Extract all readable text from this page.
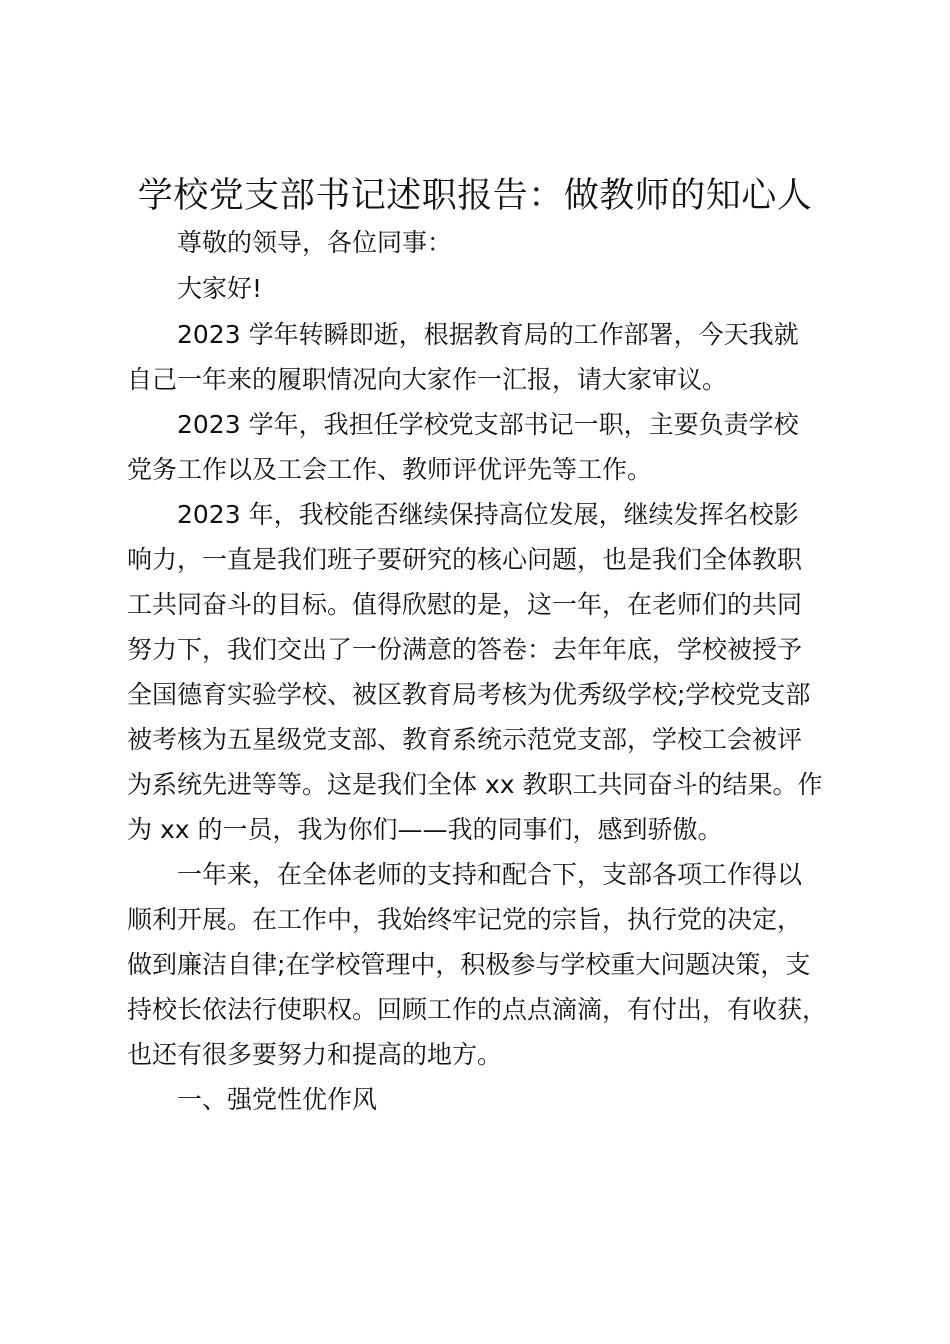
学校党支部书记述职报告：做教师的知心人

　　尊敬的领导，各位同事：

　　大家好!

　　2023 学年转瞬即逝，根据教育局的工作部署，今天我就

自己一年来的履职情况向大家作一汇报，请大家审议。

　　2023 学年，我担任学校党支部书记一职，主要负责学校

党务工作以及工会工作、教师评优评先等工作。

　　2023 年，我校能否继续保持高位发展，继续发挥名校影

响力，一直是我们班子要研究的核心问题，也是我们全体教职

工共同奋斗的目标。值得欣慰的是，这一年，在老师们的共同

努力下，我们交出了一份满意的答卷：去年年底，学校被授予

全国德育实验学校、被区教育局考核为优秀级学校;学校党支部

被考核为五星级党支部、教育系统示范党支部，学校工会被评

为系统先进等等。这是我们全体 xx 教职工共同奋斗的结果。作

为 xx 的一员，我为你们——我的同事们，感到骄傲。

　　一年来，在全体老师的支持和配合下，支部各项工作得以

顺利开展。在工作中，我始终牢记党的宗旨，执行党的决定，

做到廉洁自律;在学校管理中，积极参与学校重大问题决策，支

持校长依法行使职权。回顾工作的点点滴滴，有付出，有收获，

也还有很多要努力和提高的地方。

　　一、强党性优作风
